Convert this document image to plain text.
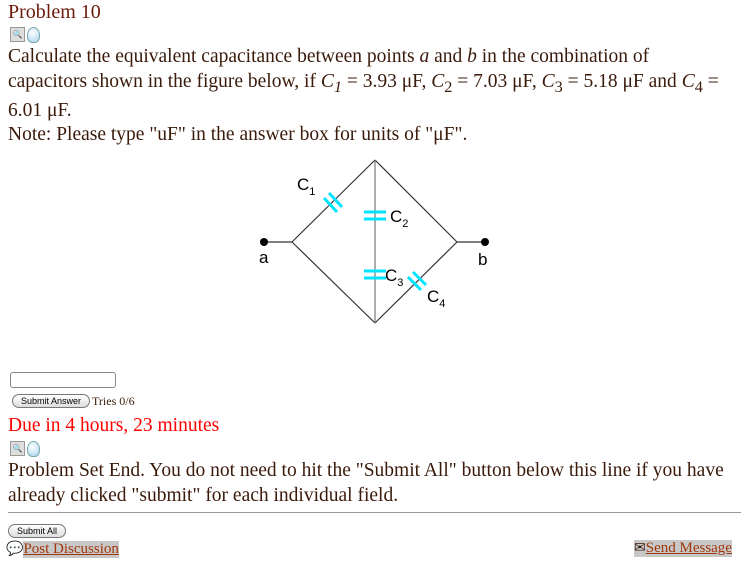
Problem 10
🔍
Calculate the equivalent capacitance between points a and b in the combination of
capacitors shown in the figure below, if $C_1 = 3.93$ μF, $C_2 = 7.03$ μF, $C_3 = 5.18$ μF and $C_4$ =
6.01 μF.
Note: Please type "uF" in the answer box for units of "μF".
$C_1$
$C_2$
$C_3$
$C_4$
a	b
Submit Answer Tries 0/6
Due in 4 hours, 23 minutes
🔍
Problem Set End. You do not need to hit the "Submit All" button below this line if you have already clicked "submit" for each individual field.
Submit All
💬 Post Discussion	✉ Send Message
